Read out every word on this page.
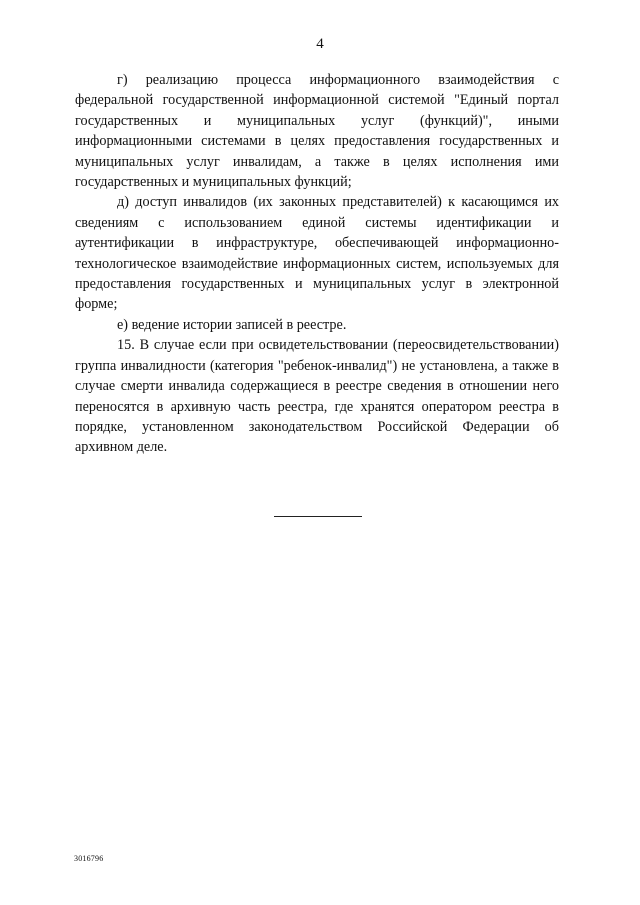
4

г) реализацию процесса информационного взаимодействия с федеральной государственной информационной системой "Единый портал государственных и муниципальных услуг (функций)", иными информационными системами в целях предоставления государственных и муниципальных услуг инвалидам, а также в целях исполнения ими государственных и муниципальных функций;

д) доступ инвалидов (их законных представителей) к касающимся их сведениям с использованием единой системы идентификации и аутентификации в инфраструктуре, обеспечивающей информационно-технологическое взаимодействие информационных систем, используемых для предоставления государственных и муниципальных услуг в электронной форме;

е) ведение истории записей в реестре.

15. В случае если при освидетельствовании (переосвидетельствовании) группа инвалидности (категория "ребенок-инвалид") не установлена, а также в случае смерти инвалида содержащиеся в реестре сведения в отношении него переносятся в архивную часть реестра, где хранятся оператором реестра в порядке, установленном законодательством Российской Федерации об архивном деле.

3016796
